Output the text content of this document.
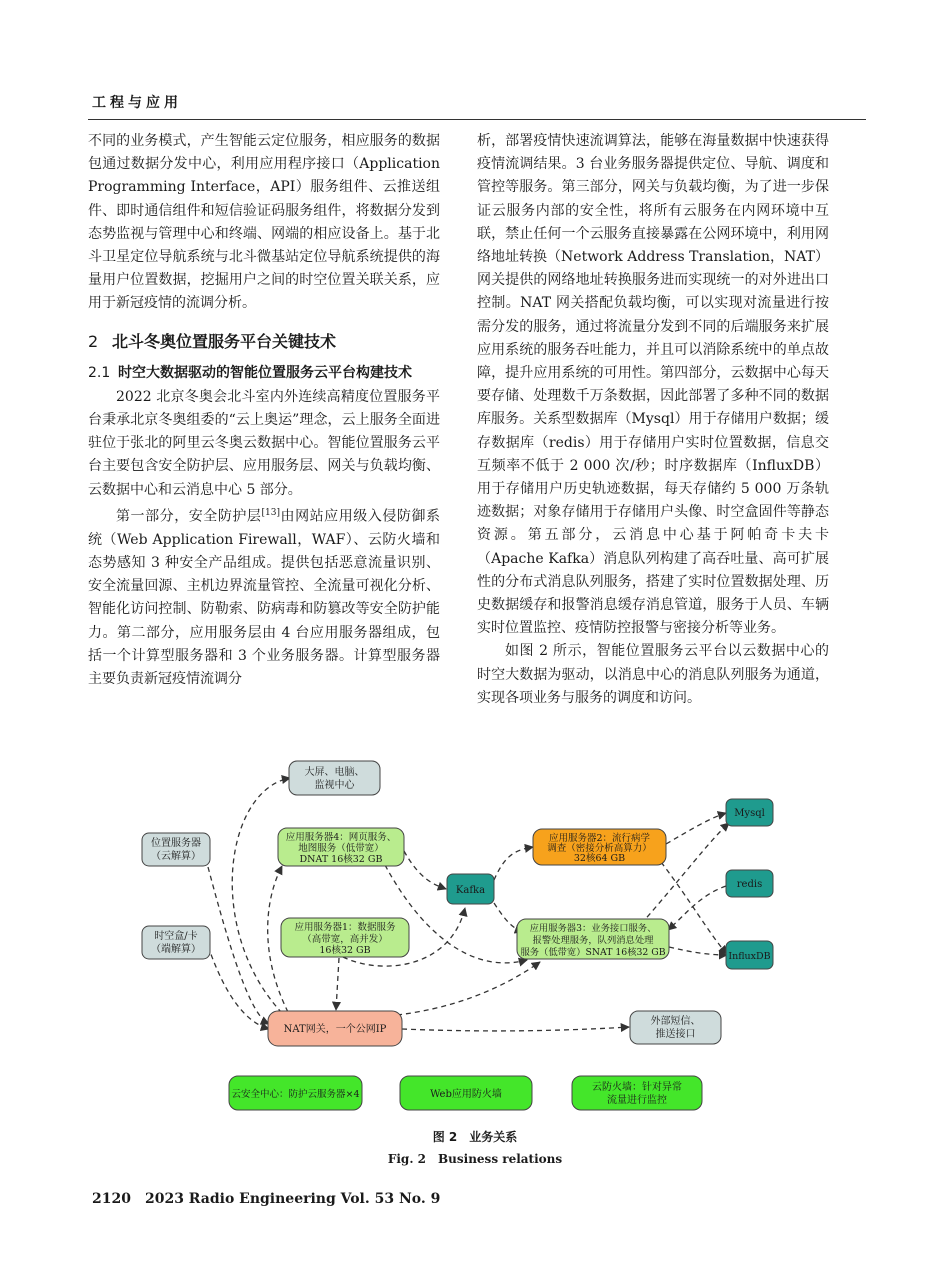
工程与应用

不同的业务模式，产生智能云定位服务，相应服务的数据包通过数据分发中心，利用应用程序接口（Application Programming Interface，API）服务组件、云推送组件、即时通信组件和短信验证码服务组件，将数据分发到态势监视与管理中心和终端、网端的相应设备上。基于北斗卫星定位导航系统与北斗微基站定位导航系统提供的海量用户位置数据，挖掘用户之间的时空位置关联关系，应用于新冠疫情的流调分析。

2 北斗冬奥位置服务平台关键技术
2.1 时空大数据驱动的智能位置服务云平台构建技术

2022 北京冬奥会北斗室内外连续高精度位置服务平台秉承北京冬奥组委的“云上奥运”理念，云上服务全面进驻位于张北的阿里云冬奥云数据中心。智能位置服务云平台主要包含安全防护层、应用服务层、网关与负载均衡、云数据中心和云消息中心 5 部分。

第一部分，安全防护层[13]由网站应用级入侵防御系统（Web Application Firewall，WAF）、云防火墙和态势感知 3 种安全产品组成。提供包括恶意流量识别、安全流量回源、主机边界流量管控、全流量可视化分析、智能化访问控制、防勒索、防病毒和防篡改等安全防护能力。第二部分，应用服务层由 4 台应用服务器组成，包括一个计算型服务器和 3 个业务服务器。计算型服务器主要负责新冠疫情流调分

析，部署疫情快速流调算法，能够在海量数据中快速获得疫情流调结果。3 台业务服务器提供定位、导航、调度和管控等服务。第三部分，网关与负载均衡，为了进一步保证云服务内部的安全性，将所有云服务在内网环境中互联，禁止任何一个云服务直接暴露在公网环境中，利用网络地址转换（Network Address Translation，NAT）网关提供的网络地址转换服务进而实现统一的对外进出口控制。NAT 网关搭配负载均衡，可以实现对流量进行按需分发的服务，通过将流量分发到不同的后端服务来扩展应用系统的服务吞吐能力，并且可以消除系统中的单点故障，提升应用系统的可用性。第四部分，云数据中心每天要存储、处理数千万条数据，因此部署了多种不同的数据库服务。关系型数据库（Mysql）用于存储用户数据；缓存数据库（redis）用于存储用户实时位置数据，信息交互频率不低于 2 000 次/秒；时序数据库（InfluxDB）用于存储用户历史轨迹数据，每天存储约 5 000 万条轨迹数据；对象存储用于存储用户头像、时空盒固件等静态资源。第五部分，云消息中心基于阿帕奇卡夫卡（Apache Kafka）消息队列构建了高吞吐量、高可扩展性的分布式消息队列服务，搭建了实时位置数据处理、历史数据缓存和报警消息缓存消息管道，服务于人员、车辆实时位置监控、疫情防控报警与密接分析等业务。

如图 2 所示，智能位置服务云平台以云数据中心的时空大数据为驱动，以消息中心的消息队列服务为通道，实现各项业务与服务的调度和访问。

大屏、电脑、
监视中心
位置服务器
（云解算）
时空盒/卡
（端解算）
应用服务器4：网页服务、
地图服务（低带宽）
DNAT 16核32 GB
应用服务器1：数据服务
（高带宽，高并发）
16核32 GB
Kafka
应用服务器2：流行病学
调查（密接分析高算力）
32核64 GB
应用服务器3：业务接口服务、
报警处理服务，队列消息处理
服务（低带宽）SNAT 16核32 GB
Mysql
redis
InfluxDB
NAT网关，一个公网IP
外部短信、
推送接口
云安全中心：防护云服务器×4	Web应用防火墙
云防火墙：针对异常
流量进行监控
图 2　业务关系
Fig. 2　Business relations
2120　2023 Radio Engineering Vol. 53 No. 9
